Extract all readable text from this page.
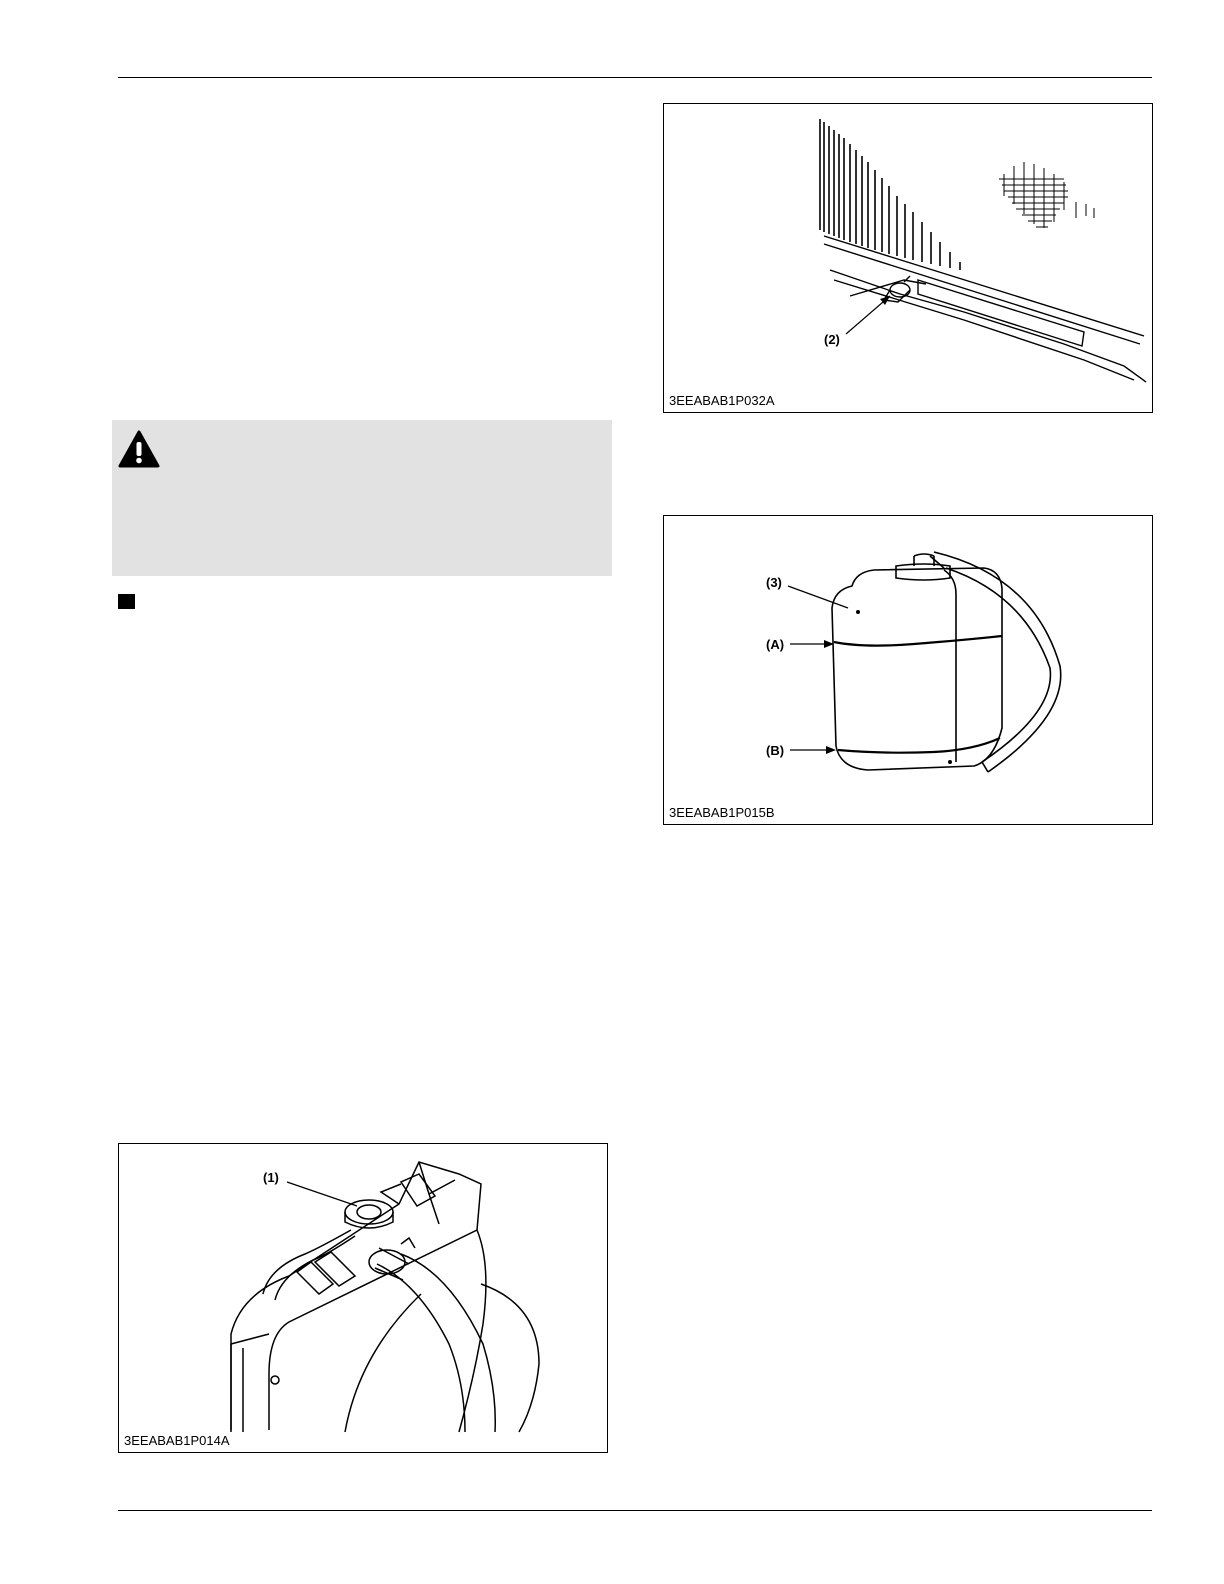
(2)
3EEABAB1P032A
(3)
(A)
(B)
3EEABAB1P015B
(1)
3EEABAB1P014A
